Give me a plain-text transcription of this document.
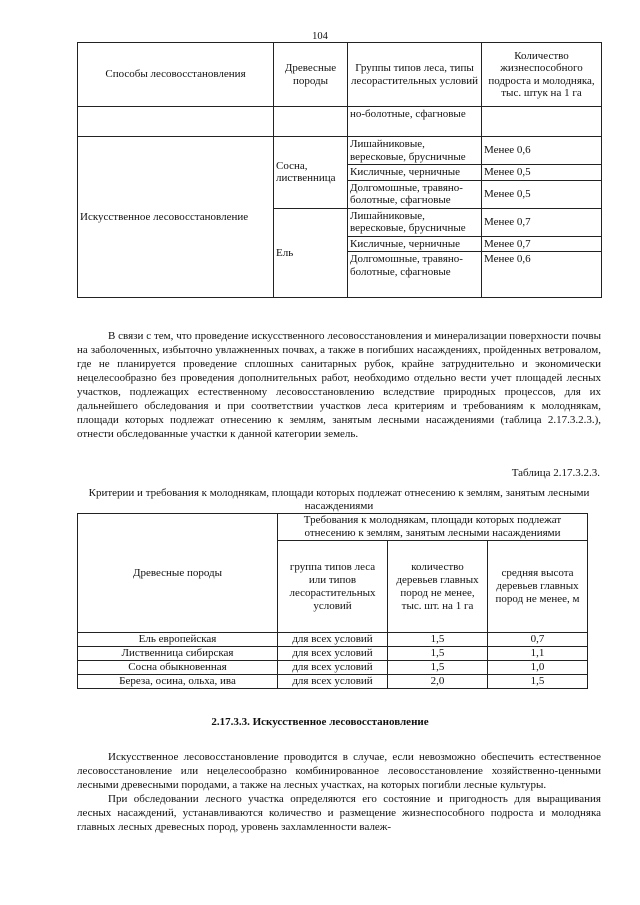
104
Способы лесовосстановления	Древесные породы	Группы типов леса, типы лесорастительных условий	Количество жизнеспособного подроста и молодняка, тыс. штук на 1 га
		но-болотные, сфагновые	
Искусственное лесовосстановление	Сосна, лиственница	Лишайниковые, вересковые, брусничные	Менее 0,6
		Кисличные, черничные	Менее 0,5
		Долгомошные, травяно-болотные, сфагновые	Менее 0,5
	Ель	Лишайниковые, вересковые, брусничные	Менее 0,7
		Кисличные, черничные	Менее 0,7
		Долгомошные, травяно-болотные, сфагновые	Менее 0,6

В связи с тем, что проведение искусственного лесовосстановления и минерализации поверхности почвы на заболоченных, избыточно увлажненных почвах, а также в погибших насаждениях, пройденных ветровалом, где не планируется проведение сплошных санитарных рубок, крайне затруднительно и экономически нецелесообразно без проведения дополнительных работ, необходимо отдельно вести учет площадей лесных участков, подлежащих естественному лесовосстановлению вследствие природных процессов, для их дальнейшего обследования и при соответствии участков леса критериям и требованиям к молоднякам, площади которых подлежат отнесению к землям, занятым лесными насаждениями (таблица 2.17.3.2.3.), отнести обследованные участки к данной категории земель.

Таблица 2.17.3.2.3.
Критерии и требования к молоднякам, площади которых подлежат отнесению к землям, занятым лесными насаждениями
Древесные породы	Требования к молоднякам, площади которых подлежат отнесению к землям, занятым лесными насаждениями		
	группа типов леса или типов лесорастительных условий	количество деревьев главных пород не менее, тыс. шт. на 1 га	средняя высота деревьев главных пород не менее, м
Ель европейская	для всех условий	1,5	0,7
Лиственница сибирская	для всех условий	1,5	1,1
Сосна обыкновенная	для всех условий	1,5	1,0
Береза, осина, ольха, ива	для всех условий	2,0	1,5
2.17.3.3. Искусственное лесовосстановление

Искусственное лесовосстановление проводится в случае, если невозможно обеспечить естественное лесовосстановление или нецелесообразно комбинированное лесовосстановление хозяйственно-ценными лесными древесными породами, а также на лесных участках, на которых погибли лесные культуры.

При обследовании лесного участка определяются его состояние и пригодность для выращивания лесных насаждений, устанавливаются количество и размещение жизнеспособного подроста и молодняка главных лесных древесных пород, уровень захламленности валеж-
